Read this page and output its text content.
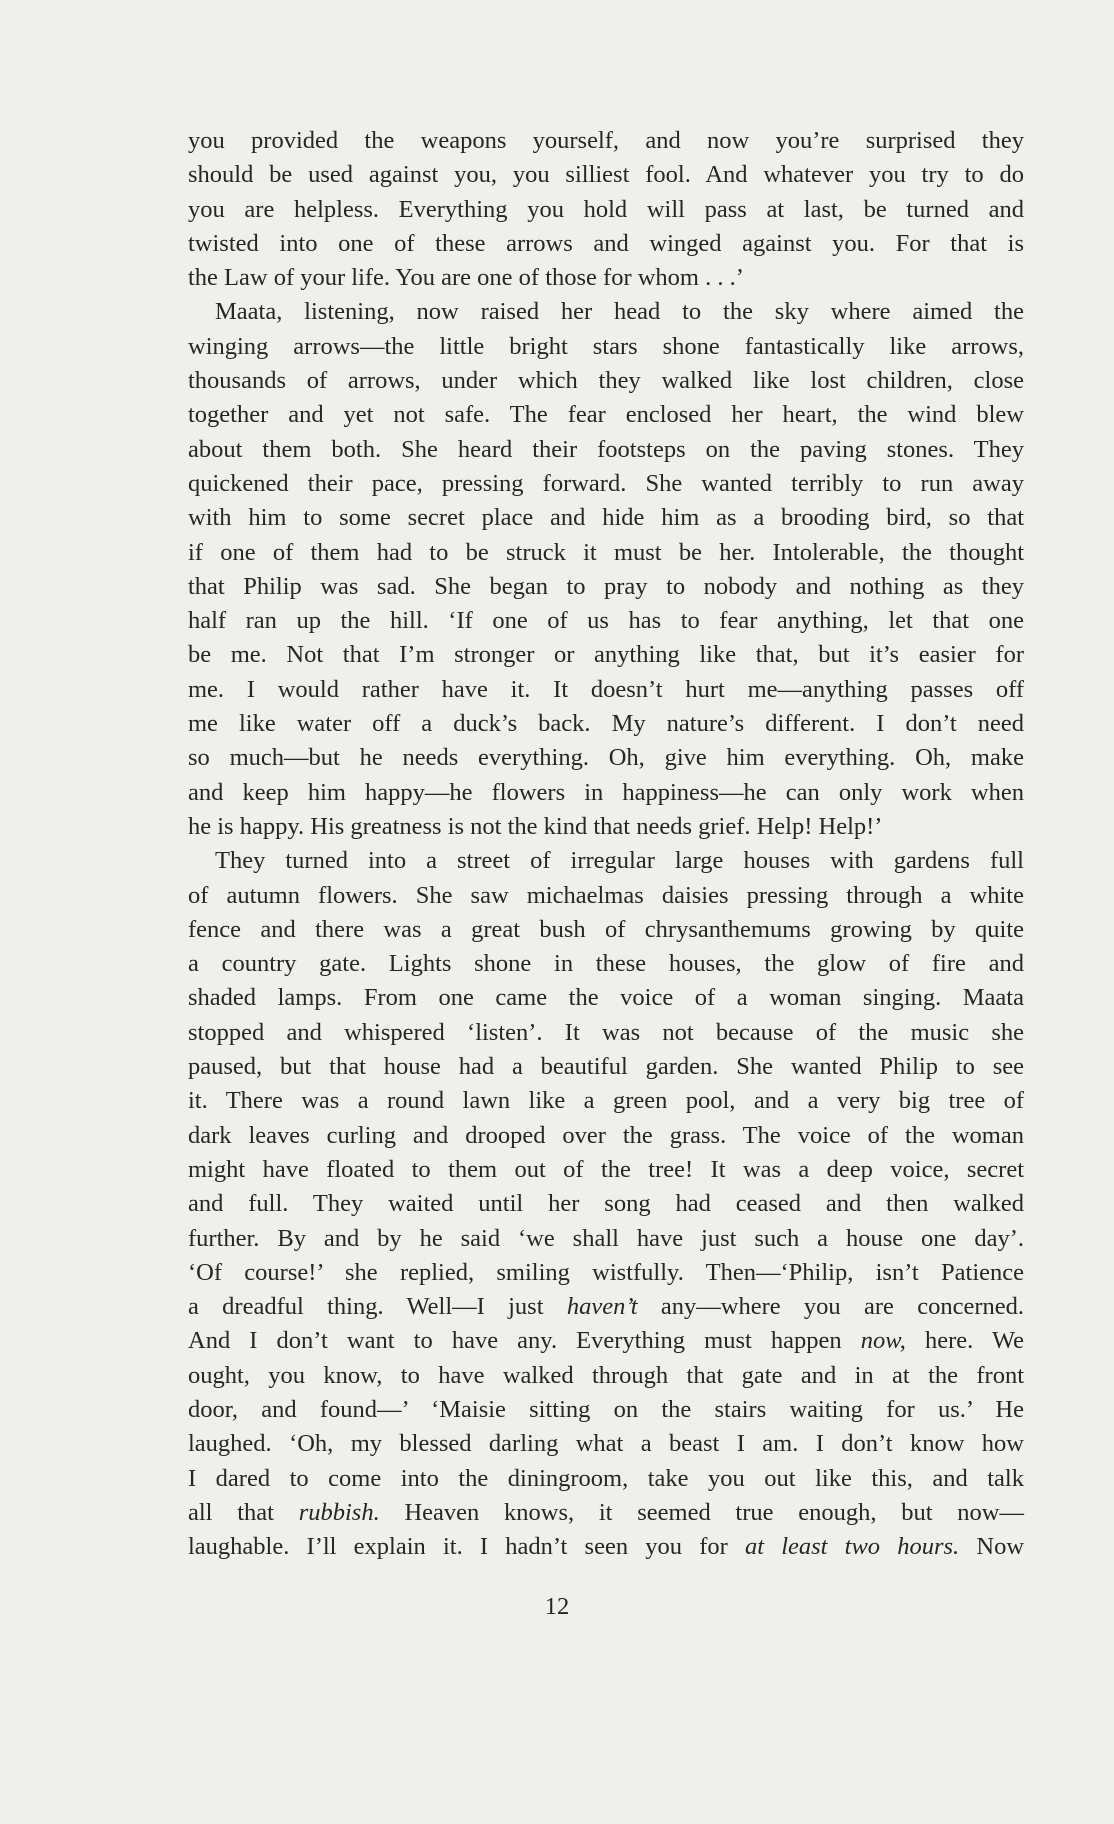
you provided the weapons yourself, and now you’re surprised they
should be used against you, you silliest fool. And whatever you try to do
you are helpless. Everything you hold will pass at last, be turned and
twisted into one of these arrows and winged against you. For that is
the Law of your life. You are one of those for whom . . .’
Maata, listening, now raised her head to the sky where aimed the
winging arrows—the little bright stars shone fantastically like arrows,
thousands of arrows, under which they walked like lost children, close
together and yet not safe. The fear enclosed her heart, the wind blew
about them both. She heard their footsteps on the paving stones. They
quickened their pace, pressing forward. She wanted terribly to run away
with him to some secret place and hide him as a brooding bird, so that
if one of them had to be struck it must be her. Intolerable, the thought
that Philip was sad. She began to pray to nobody and nothing as they
half ran up the hill. ‘If one of us has to fear anything, let that one
be me. Not that I’m stronger or anything like that, but it’s easier for
me. I would rather have it. It doesn’t hurt me—anything passes off
me like water off a duck’s back. My nature’s different. I don’t need
so much—but he needs everything. Oh, give him everything. Oh, make
and keep him happy—he flowers in happiness—he can only work when
he is happy. His greatness is not the kind that needs grief. Help! Help!’
They turned into a street of irregular large houses with gardens full
of autumn flowers. She saw michaelmas daisies pressing through a white
fence and there was a great bush of chrysanthemums growing by quite
a country gate. Lights shone in these houses, the glow of fire and
shaded lamps. From one came the voice of a woman singing. Maata
stopped and whispered ‘listen’. It was not because of the music she
paused, but that house had a beautiful garden. She wanted Philip to see
it. There was a round lawn like a green pool, and a very big tree of
dark leaves curling and drooped over the grass. The voice of the woman
might have floated to them out of the tree! It was a deep voice, secret
and full. They waited until her song had ceased and then walked
further. By and by he said ‘we shall have just such a house one day’.
‘Of course!’ she replied, smiling wistfully. Then—‘Philip, isn’t Patience
a dreadful thing. Well—I just haven’t any—where you are concerned.
And I don’t want to have any. Everything must happen now, here. We
ought, you know, to have walked through that gate and in at the front
door, and found—’ ‘Maisie sitting on the stairs waiting for us.’ He
laughed. ‘Oh, my blessed darling what a beast I am. I don’t know how
I dared to come into the diningroom, take you out like this, and talk
all that rubbish. Heaven knows, it seemed true enough, but now—
laughable. I’ll explain it. I hadn’t seen you for at least two hours. Now
12
